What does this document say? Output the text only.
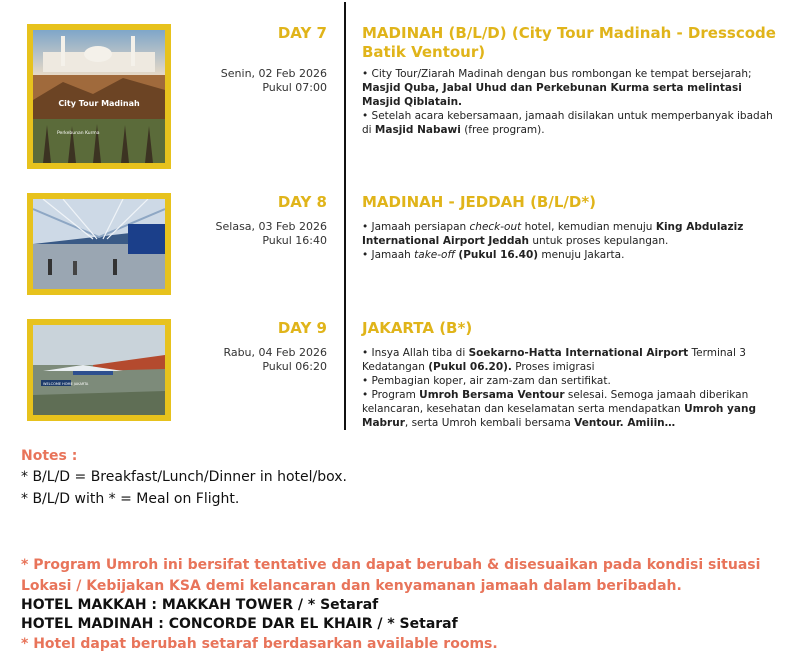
City Tour Madinah
Perkebunan Kurma
WELCOME HOME JAKARTA
DAY 7
Senin, 02 Feb 2026
Pukul 07:00
MADINAH (B/L/D) (City Tour Madinah - Dresscode Batik Ventour)
• City Tour/Ziarah Madinah dengan bus rombongan ke tempat bersejarah; Masjid Quba, Jabal Uhud dan Perkebunan Kurma serta melintasi Masjid Qiblatain.
• Setelah acara kebersamaan, jamaah disilakan untuk memperbanyak ibadah di Masjid Nabawi (free program).
DAY 8
Selasa, 03 Feb 2026
Pukul 16:40
MADINAH - JEDDAH (B/L/D*)
• Jamaah persiapan check-out hotel, kemudian menuju King Abdulaziz International Airport Jeddah untuk proses kepulangan.
• Jamaah take-off (Pukul 16.40) menuju Jakarta.
DAY 9
Rabu, 04 Feb 2026
Pukul 06:20
JAKARTA (B*)
• Insya Allah tiba di Soekarno-Hatta International Airport Terminal 3 Kedatangan (Pukul 06.20). Proses imigrasi
• Pembagian koper, air zam-zam dan sertifikat.
• Program Umroh Bersama Ventour selesai. Semoga jamaah diberikan kelancaran, kesehatan dan keselamatan serta mendapatkan Umroh yang Mabrur, serta Umroh kembali bersama Ventour. Amiiin…
Notes :
* B/L/D = Breakfast/Lunch/Dinner in hotel/box.
* B/L/D with * = Meal on Flight.
* Program Umroh ini bersifat tentative dan dapat berubah & disesuaikan pada kondisi situasi Lokasi / Kebijakan KSA demi kelancaran dan kenyamanan jamaah dalam beribadah.
HOTEL MAKKAH : MAKKAH TOWER / * Setaraf
HOTEL MADINAH : CONCORDE DAR EL KHAIR / * Setaraf
* Hotel dapat berubah setaraf berdasarkan available rooms.
